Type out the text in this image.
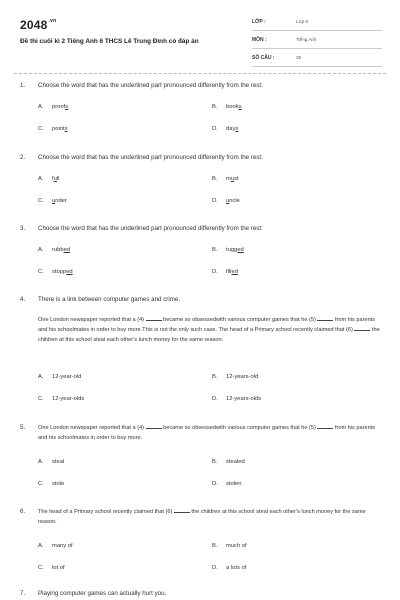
$2048^{.vn}$
Đề thi cuối kì 2 Tiếng Anh 6 THCS Lê Trung Đình có đáp án
LỚP :	Lớp 6
MÔN :	Tiếng Anh
SỐ CÂU :	35
1. Choose the word that has the underlined part pronounced differently from the rest:
A. proofs	B. books
C. points	D. days
2. Choose the word that has the underlined part pronounced differently from the rest:
A. full	B. must
C. under	D. uncle
3. Choose the word that has the underlined part pronounced differently from the rest:
A. rubbed	B. tugged
C. stopped	D. filled
4. There is a link between computer games and crime.
One London newspaper reported that a (4)	became so obsessedwith various computer games that he (5)	from his parents and his schoolmates in order to buy more.This is not the only such case. The head of a Primary school recently claimed that (6)	the children at this school steal each other's lunch money for the same reason.
A. 12-year-old	B. 12-years-old
C. 12-year-olds	D. 12-years-olds
5. One London newspaper reported that a (4)	became so obsessedwith various computer games that he (5)	from his parents and his schoolmates in order to buy more.
A. steal	B. stealed
C. stole	D. stolen
6. The head of a Primary school recently claimed that (6)	the children at this school steal each other's lunch money for the same reason.
A. many of	B. much of
C. lot of	D. a lots of
7. Playing computer games can actually hurt you.
